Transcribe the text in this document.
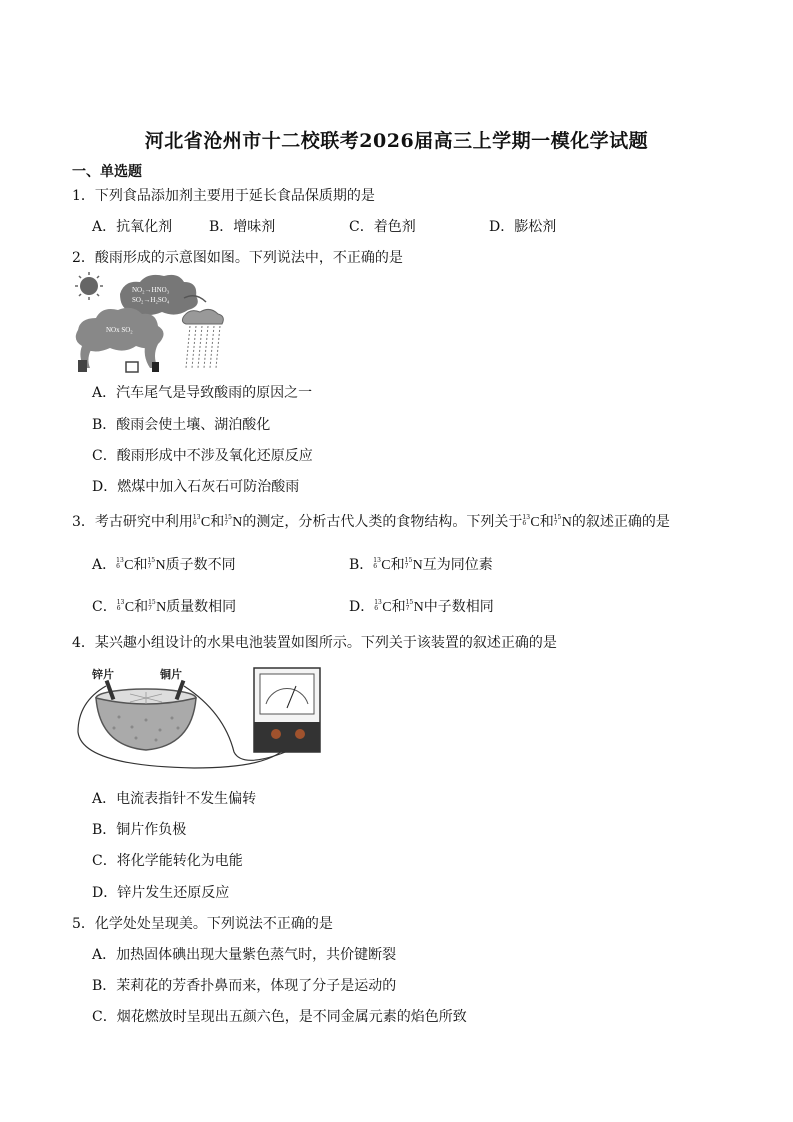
河北省沧州市十二校联考2026届高三上学期一模化学试题
一、单选题
1．下列食品添加剂主要用于延长食品保质期的是
A．抗氧化剂	B．增味剂	C．着色剂	D．膨松剂
2．酸雨形成的示意图如图。下列说法中，不正确的是
NO₂→HNO₃
SO₂→H₂SO₄
NOx SO₂
A．汽车尾气是导致酸雨的原因之一
B．酸雨会使土壤、湖泊酸化
C．酸雨形成中不涉及氧化还原反应
D．燃煤中加入石灰石可防治酸雨
3．考古研究中利用 13
6 C和 15
7 N的测定，分析古代人类的食物结构。下列关于 13
6 C和 15
7 N的叙述正确的是
A． 13
6 C和 15
7 N质子数不同	B． 13
6 C和 15
7 N互为同位素
C． 13
6 C和 15
7 N质量数相同	D． 13
6 C和 15
7 N中子数相同
4．某兴趣小组设计的水果电池装置如图所示。下列关于该装置的叙述正确的是
锌片	铜片
A．电流表指针不发生偏转
B．铜片作负极
C．将化学能转化为电能
D．锌片发生还原反应
5．化学处处呈现美。下列说法不正确的是
A．加热固体碘出现大量紫色蒸气时，共价键断裂
B．茉莉花的芳香扑鼻而来，体现了分子是运动的
C．烟花燃放时呈现出五颜六色，是不同金属元素的焰色所致
